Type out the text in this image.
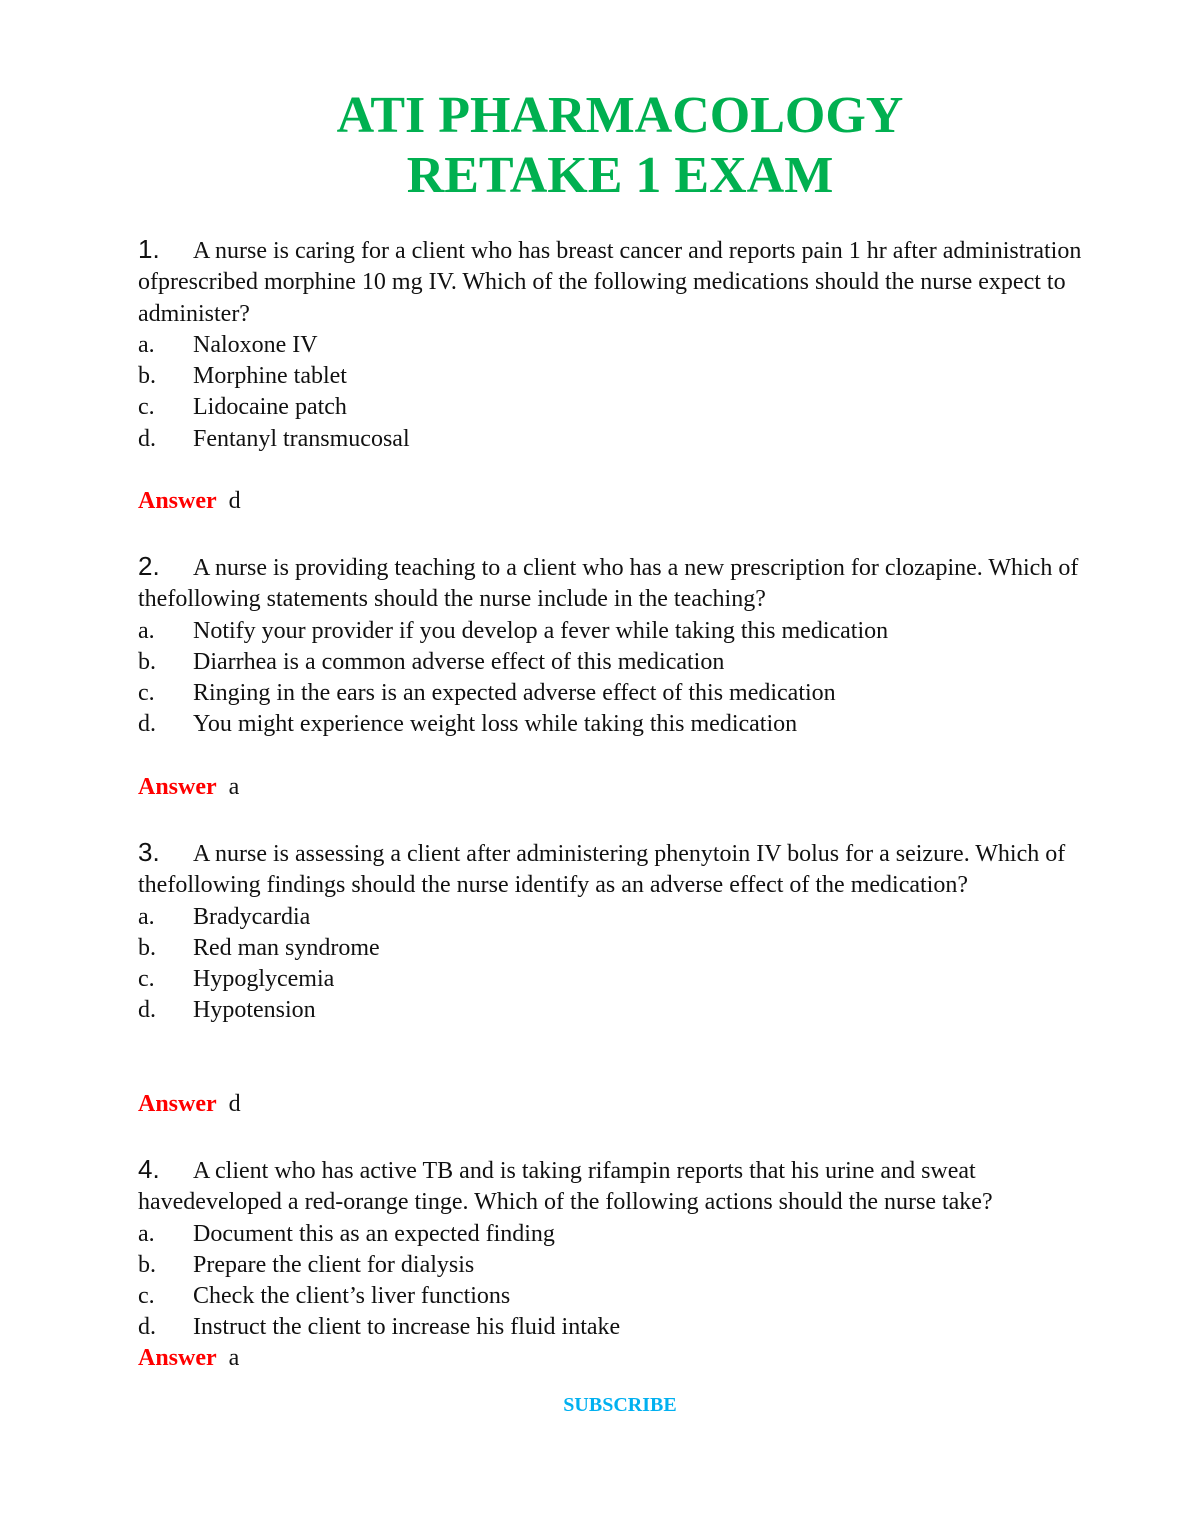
ATI PHARMACOLOGY
RETAKE 1 EXAM

1. A nurse is caring for a client who has breast cancer and reports pain 1 hr after administration ofprescribed morphine 10 mg IV. Which of the following medications should the nurse expect to administer?

a.	Naloxone IV
b.	Morphine tablet
c.	Lidocaine patch
d.	Fentanyl transmucosal
Answer d

2. A nurse is providing teaching to a client who has a new prescription for clozapine. Which of thefollowing statements should the nurse include in the teaching?

a.	Notify your provider if you develop a fever while taking this medication
b.	Diarrhea is a common adverse effect of this medication
c.	Ringing in the ears is an expected adverse effect of this medication
d.	You might experience weight loss while taking this medication
Answer a

3. A nurse is assessing a client after administering phenytoin IV bolus for a seizure. Which of thefollowing findings should the nurse identify as an adverse effect of the medication?

a.	Bradycardia
b.	Red man syndrome
c.	Hypoglycemia
d.	Hypotension
Answer d

4. A client who has active TB and is taking rifampin reports that his urine and sweat havedeveloped a red-orange tinge. Which of the following actions should the nurse take?

a.	Document this as an expected finding
b.	Prepare the client for dialysis
c.	Check the client’s liver functions
d.	Instruct the client to increase his fluid intake
Answer a
SUBSCRIBE
